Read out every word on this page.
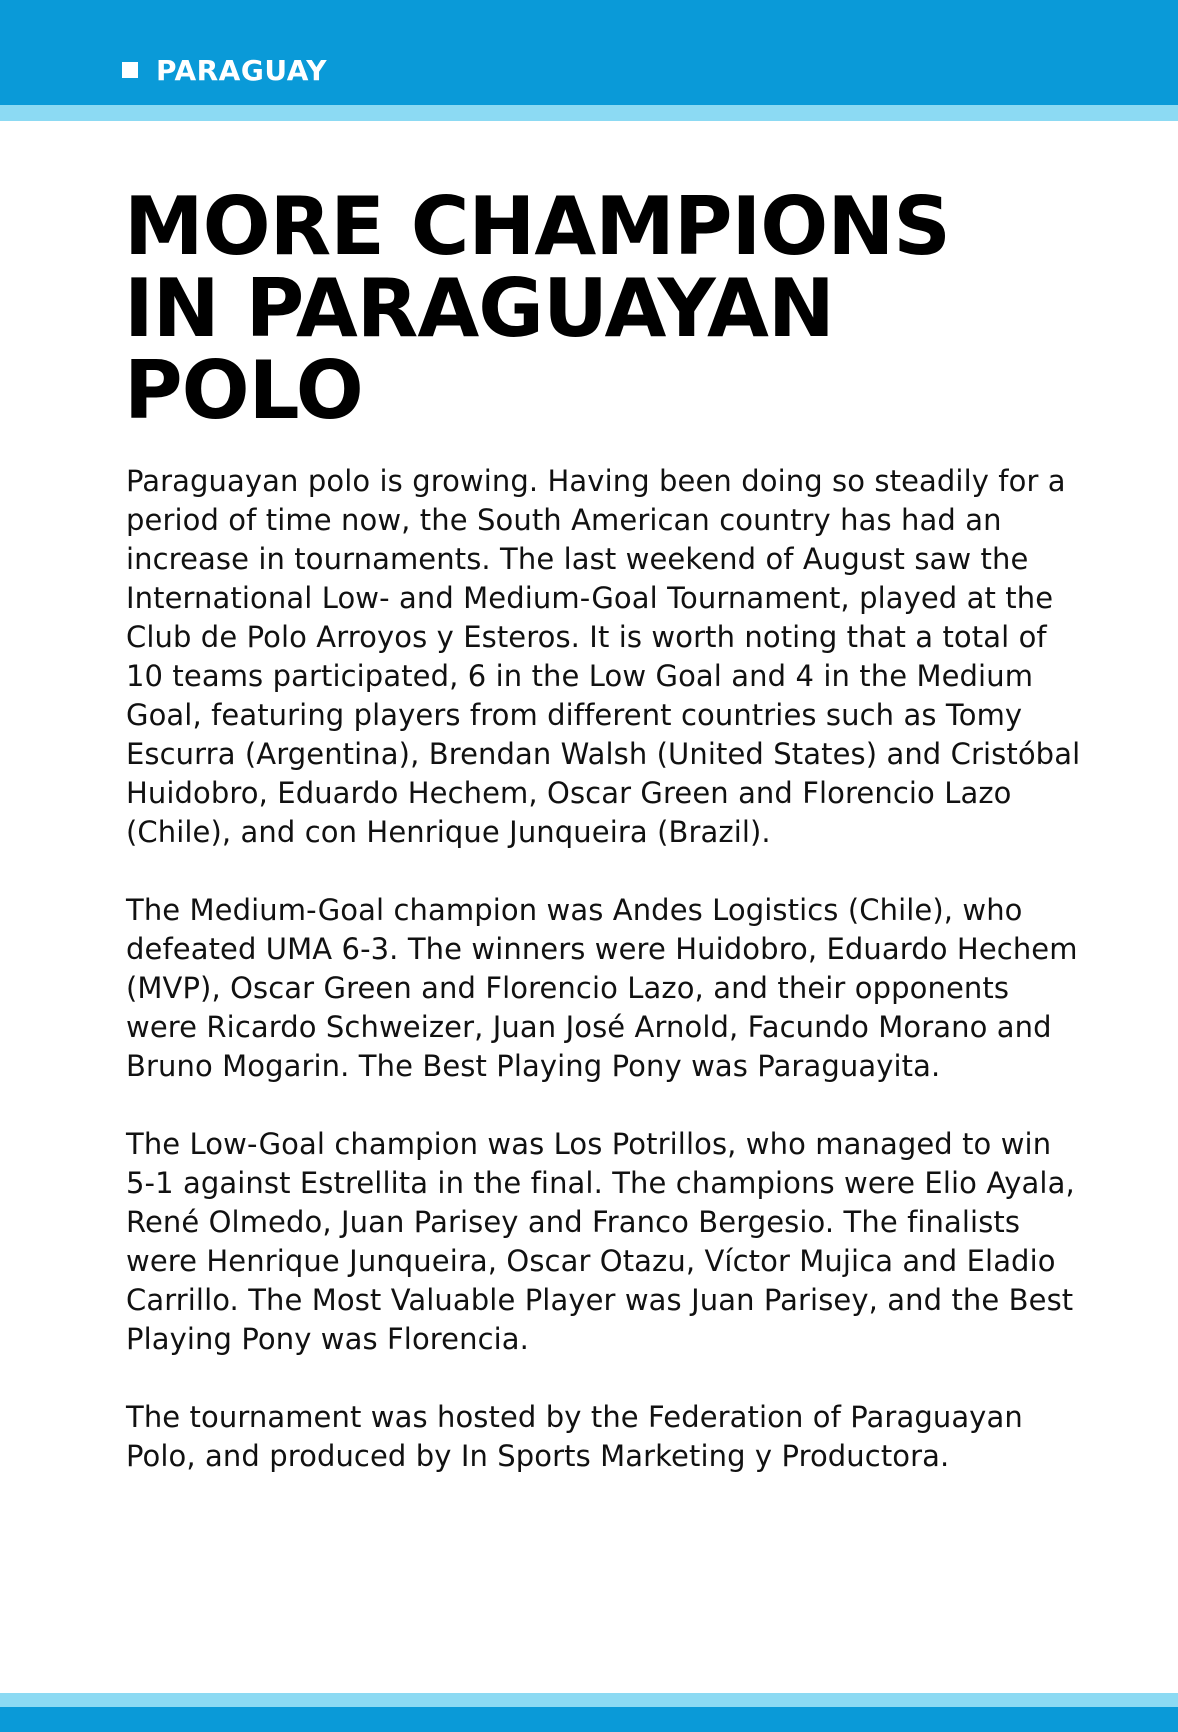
PARAGUAY
MORE CHAMPIONS
IN PARAGUAYAN
POLO

Paraguayan polo is growing. Having been doing so steadily for a period of time now, the South American country has had an increase in tournaments. The last weekend of August saw the International Low- and Medium-Goal Tournament, played at the Club de Polo Arroyos y Esteros. It is worth noting that a total of 10 teams participated, 6 in the Low Goal and 4 in the Medium Goal, featuring players from different countries such as Tomy Escurra (Argentina), Brendan Walsh (United States) and Cristóbal Huidobro, Eduardo Hechem, Oscar Green and Florencio Lazo (Chile), and con Henrique Junqueira (Brazil).

The Medium-Goal champion was Andes Logistics (Chile), who defeated UMA 6-3. The winners were Huidobro, Eduardo Hechem (MVP), Oscar Green and Florencio Lazo, and their opponents were Ricardo Schweizer, Juan José Arnold, Facundo Morano and Bruno Mogarin. The Best Playing Pony was Paraguayita.

The Low-Goal champion was Los Potrillos, who managed to win 5-1 against Estrellita in the final. The champions were Elio Ayala, René Olmedo, Juan Parisey and Franco Bergesio. The finalists were Henrique Junqueira, Oscar Otazu, Víctor Mujica and Eladio Carrillo. The Most Valuable Player was Juan Parisey, and the Best Playing Pony was Florencia.

The tournament was hosted by the Federation of Paraguayan Polo, and produced by In Sports Marketing y Productora.
